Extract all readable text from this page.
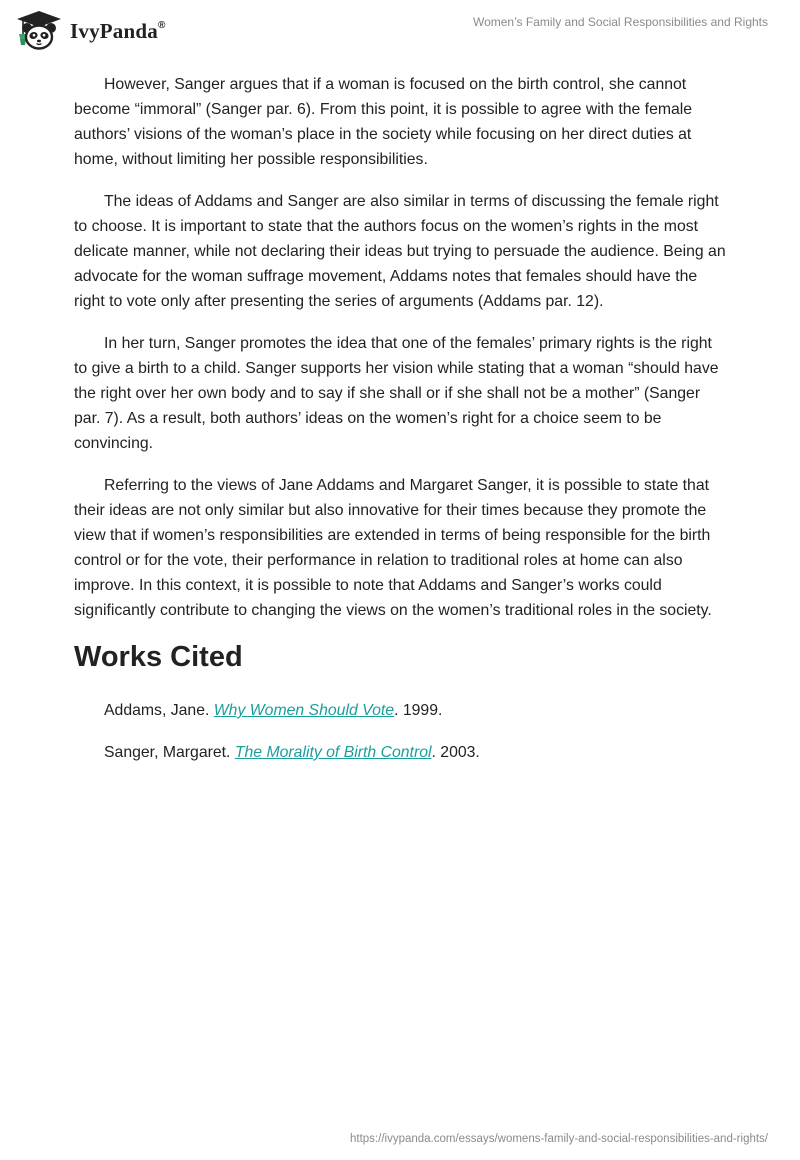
IvyPanda®	Women’s Family and Social Responsibilities and Rights

However, Sanger argues that if a woman is focused on the birth control, she cannot become “immoral” (Sanger par. 6). From this point, it is possible to agree with the female authors’ visions of the woman’s place in the society while focusing on her direct duties at home, without limiting her possible responsibilities.

The ideas of Addams and Sanger are also similar in terms of discussing the female right to choose. It is important to state that the authors focus on the women’s rights in the most delicate manner, while not declaring their ideas but trying to persuade the audience. Being an advocate for the woman suffrage movement, Addams notes that females should have the right to vote only after presenting the series of arguments (Addams par. 12).

In her turn, Sanger promotes the idea that one of the females’ primary rights is the right to give a birth to a child. Sanger supports her vision while stating that a woman “should have the right over her own body and to say if she shall or if she shall not be a mother” (Sanger par. 7). As a result, both authors’ ideas on the women’s right for a choice seem to be convincing.

Referring to the views of Jane Addams and Margaret Sanger, it is possible to state that their ideas are not only similar but also innovative for their times because they promote the view that if women’s responsibilities are extended in terms of being responsible for the birth control or for the vote, their performance in relation to traditional roles at home can also improve. In this context, it is possible to note that Addams and Sanger’s works could significantly contribute to changing the views on the women’s traditional roles in the society.

Works Cited

Addams, Jane. Why Women Should Vote. 1999.

Sanger, Margaret. The Morality of Birth Control. 2003.

https://ivypanda.com/essays/womens-family-and-social-responsibilities-and-rights/
